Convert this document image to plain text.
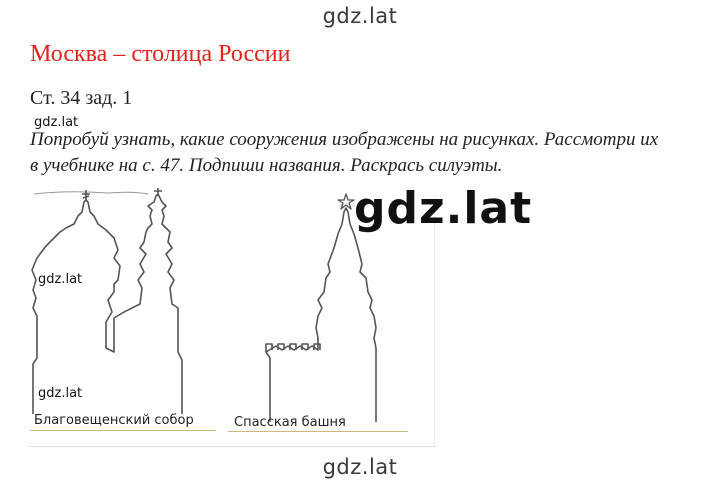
gdz.lat
Москва – столица России
Ст. 34 зад. 1
Попробуй узнать, какие сооружения изображены на рисунках. Рассмотри их
в учебнике на с. 47. Подпиши названия. Раскрась силуэты.
gdz.lat
gdz.lat
gdz.lat
Благовещенский собор	Спасская башня
gdz.lat
gdz.lat
